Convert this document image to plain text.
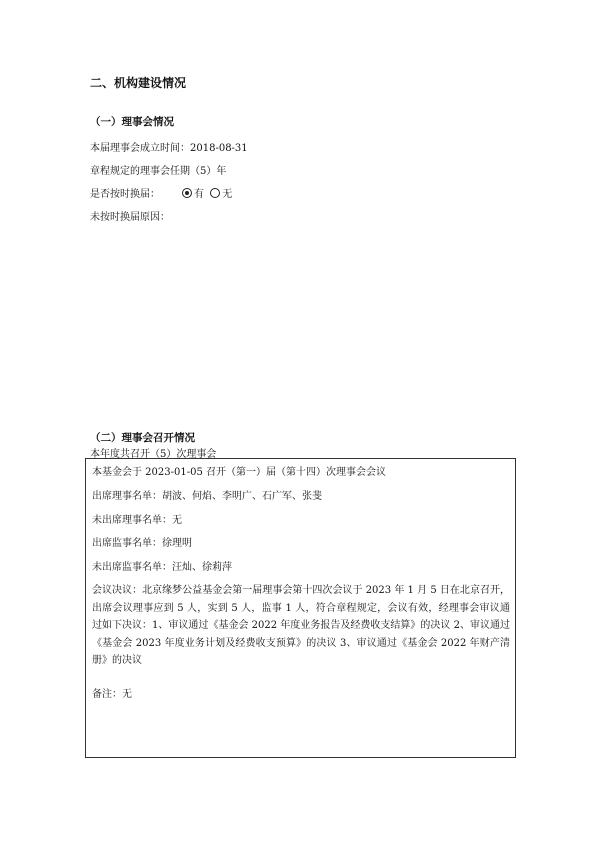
二、机构建设情况
（一）理事会情况
本届理事会成立时间：2018-08-31
章程规定的理事会任期（5）年
是否按时换届：	有 无
未按时换届原因：
（二）理事会召开情况
本年度共召开（5）次理事会
本基金会于 2023-01-05 召开（第一）届（第十四）次理事会会议
出席理事名单：胡波、何焰、李明广、石广军、张斐
未出席理事名单：无
出席监事名单：徐理明
未出席监事名单：汪灿、徐莉萍
会议决议：北京缘梦公益基金会第一届理事会第十四次会议于 2023 年 1 月 5 日在北京召开，出席会议理事应到 5 人，实到 5 人，监事 1 人，符合章程规定，会议有效，经理事会审议通过如下决议：1、审议通过《基金会 2022 年度业务报告及经费收支结算》的决议 2、审议通过《基金会 2023 年度业务计划及经费收支预算》的决议 3、审议通过《基金会 2022 年财产清册》的决议
备注：无
